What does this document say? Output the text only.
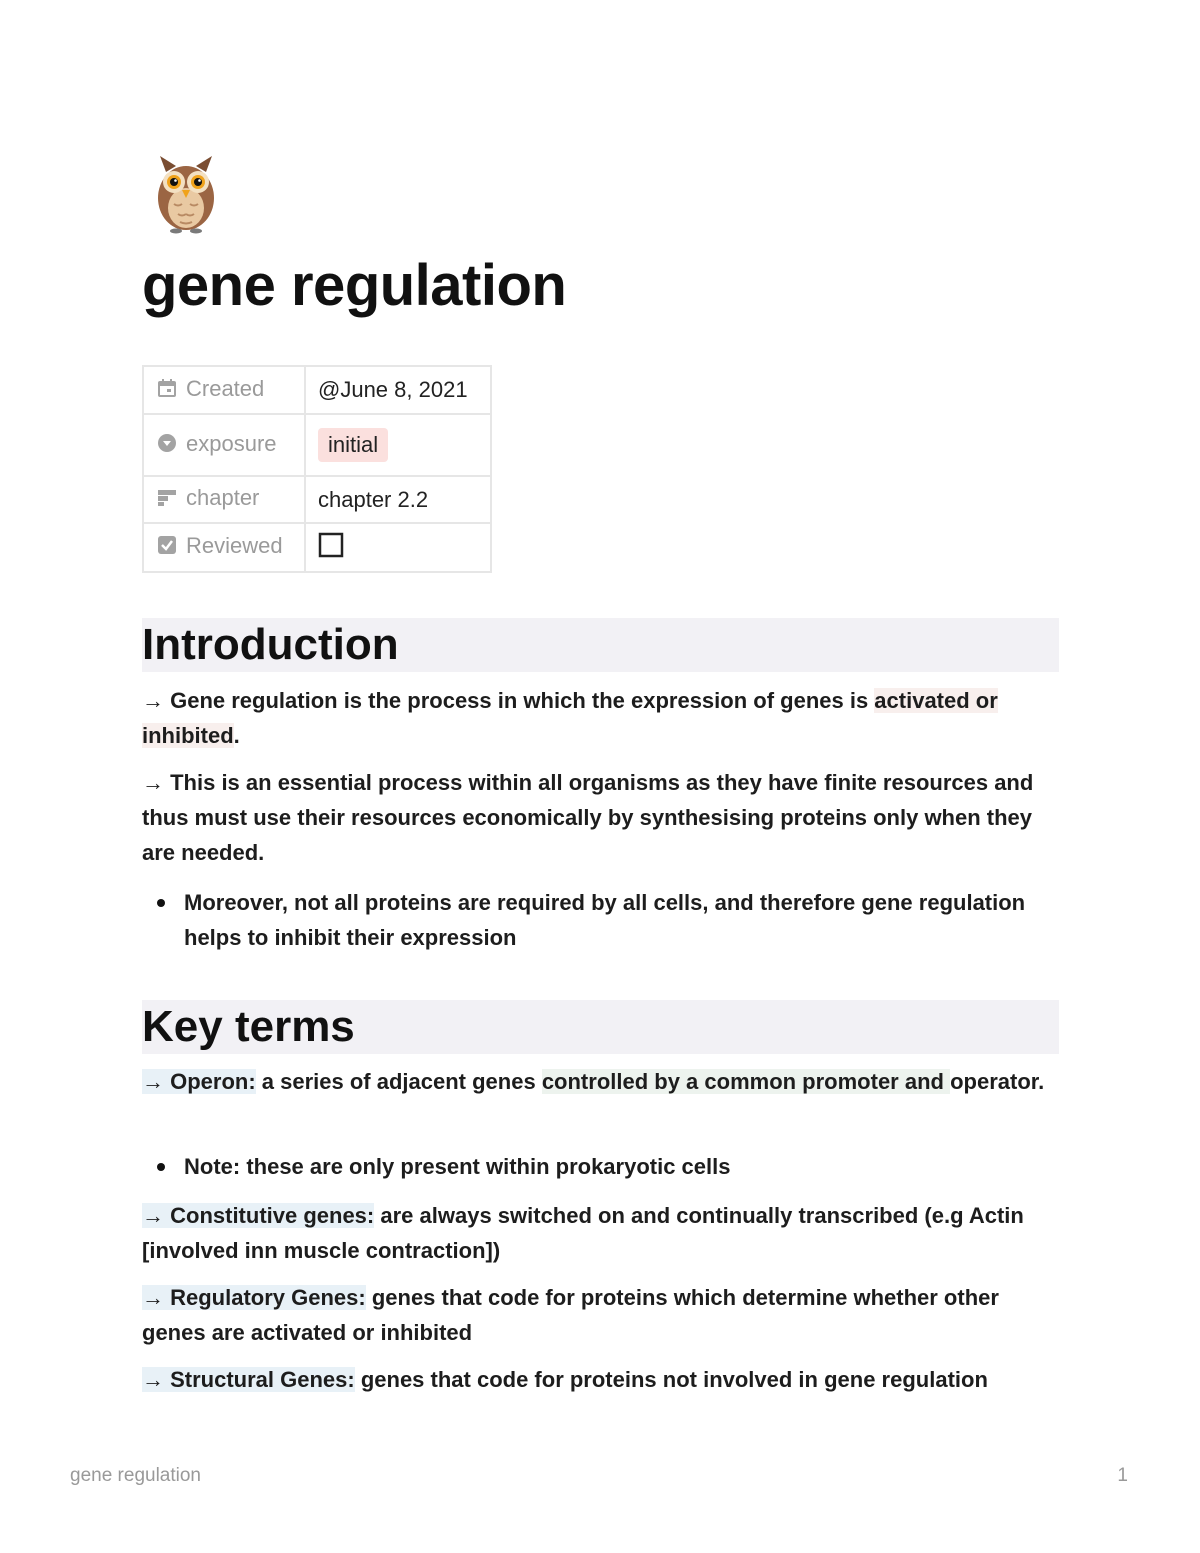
gene regulation
Created	@June 8, 2021
exposure	initial
chapter	chapter 2.2
Reviewed	
Introduction

→ Gene regulation is the process in which the expression of genes is activated or inhibited.

→ This is an essential process within all organisms as they have finite resources and thus must use their resources economically by synthesising proteins only when they are needed.

Moreover, not all proteins are required by all cells, and therefore gene regulation helps to inhibit their expression
Key terms

→ Operon: a series of adjacent genes controlled by a common promoter and operator.

Note: these are only present within prokaryotic cells

→ Constitutive genes: are always switched on and continually transcribed (e.g Actin [involved inn muscle contraction])

→ Regulatory Genes: genes that code for proteins which determine whether other genes are activated or inhibited

→ Structural Genes: genes that code for proteins not involved in gene regulation

gene regulation	1
